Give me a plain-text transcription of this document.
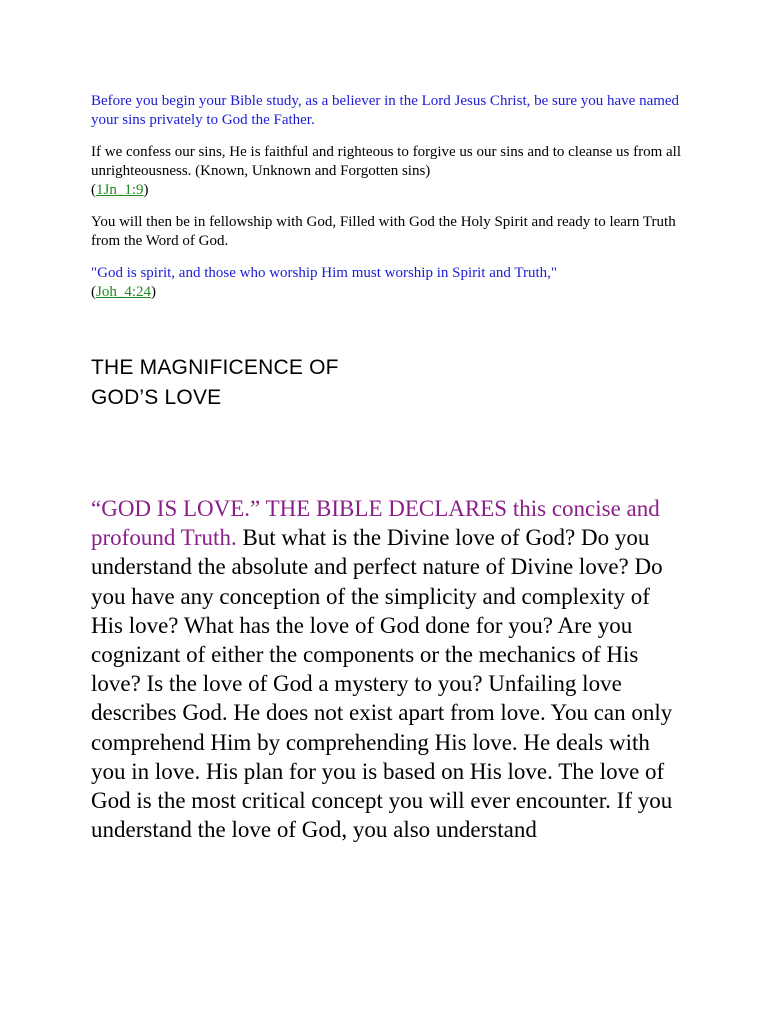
Before you begin your Bible study, as a believer in the Lord Jesus Christ, be sure you have named your sins privately to God the Father.

If we confess our sins, He is faithful and righteous to forgive us our sins and to cleanse us from all unrighteousness. (Known, Unknown and Forgotten sins)
(1Jn_1:9)

You will then be in fellowship with God, Filled with God the Holy Spirit and ready to learn Truth from the Word of God.

"God is spirit, and those who worship Him must worship in Spirit and Truth,"
(Joh_4:24)

THE MAGNIFICENCE OF
GOD’S LOVE

“GOD IS LOVE.” THE BIBLE DECLARES this concise and profound Truth. But what is the Divine love of God? Do you understand the absolute and perfect nature of Divine love? Do you have any conception of the simplicity and complexity of His love? What has the love of God done for you? Are you cognizant of either the components or the mechanics of His love? Is the love of God a mystery to you? Unfailing love describes God. He does not exist apart from love. You can only comprehend Him by comprehending His love. He deals with you in love. His plan for you is based on His love. The love of God is the most critical concept you will ever encounter. If you understand the love of God, you also understand
